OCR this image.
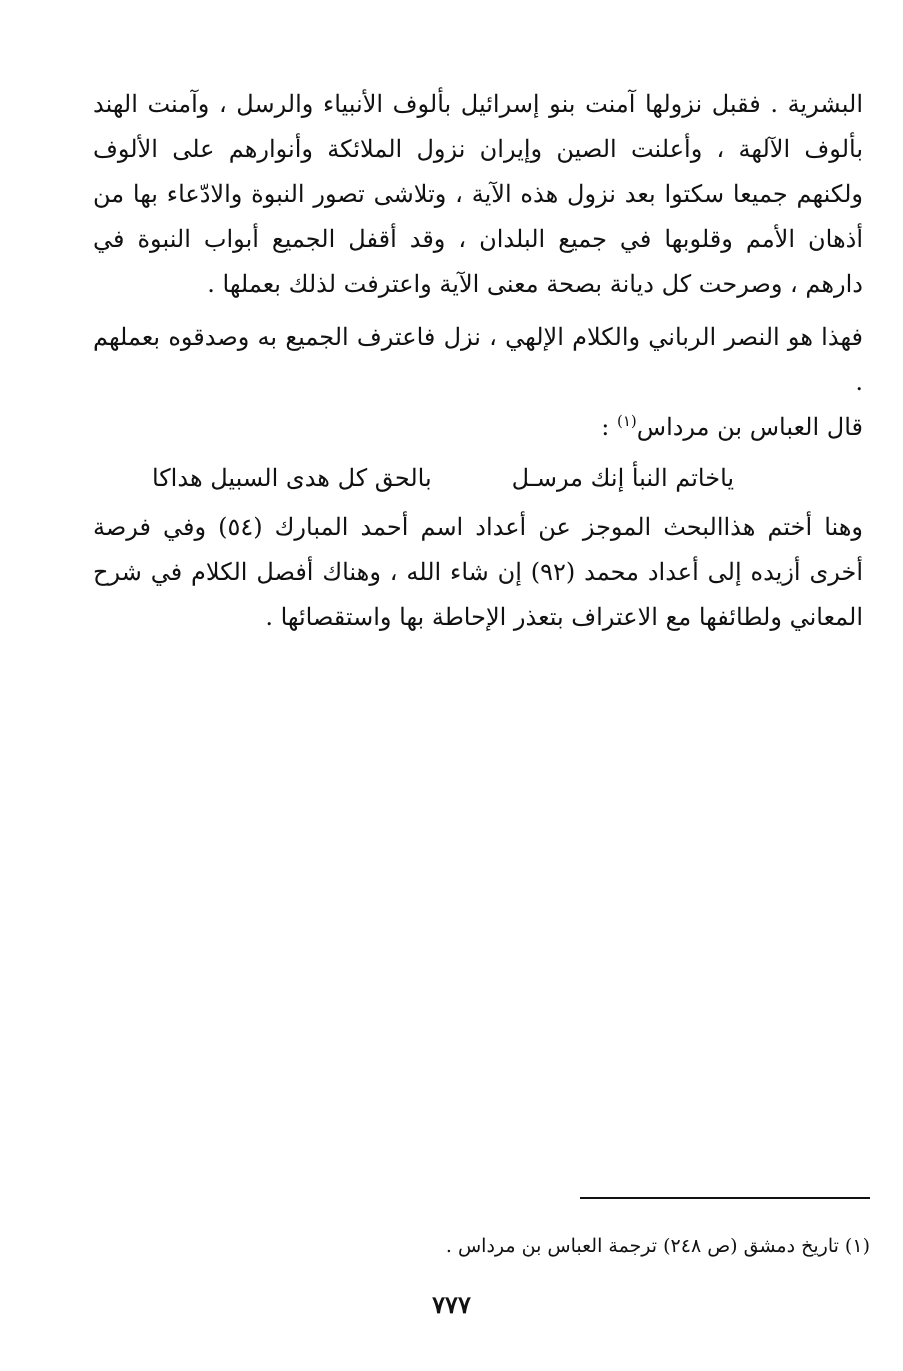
البشرية . فقبل نزولها آمنت بنو إسرائيل بألوف الأنبياء والرسل ، وآمنت الهند بألوف الآلهة ، وأعلنت الصين وإيران نزول الملائكة وأنوارهم على الألوف ولكنهم جميعا سكتوا بعد نزول هذه الآية ، وتلاشى تصور النبوة والادّعاء بها من أذهان الأمم وقلوبها في جميع البلدان ، وقد أقفل الجميع أبواب النبوة في دارهم ، وصرحت كل ديانة بصحة معنى الآية واعترفت لذلك بعملها .

فهذا هو النصر الرباني والكلام الإلهي ، نزل فاعترف الجميع به وصدقوه بعملهم .

قال العباس بن مرداس$^{(١)}$ :

ياخاتم النبأ إنك مرسـل
بالحق كل هدى السبيل هداكا

وهنا أختم هذاالبحث الموجز عن أعداد اسم أحمد المبارك (٥٤) وفي فرصة أخرى أزيده إلى أعداد محمد (٩٢) إن شاء الله ، وهناك أفصل الكلام في شرح المعاني ولطائفها مع الاعتراف بتعذر الإحاطة بها واستقصائها .

(١) تاريخ دمشق (ص ٢٤٨) ترجمة العباس بن مرداس .
٧٧٧
